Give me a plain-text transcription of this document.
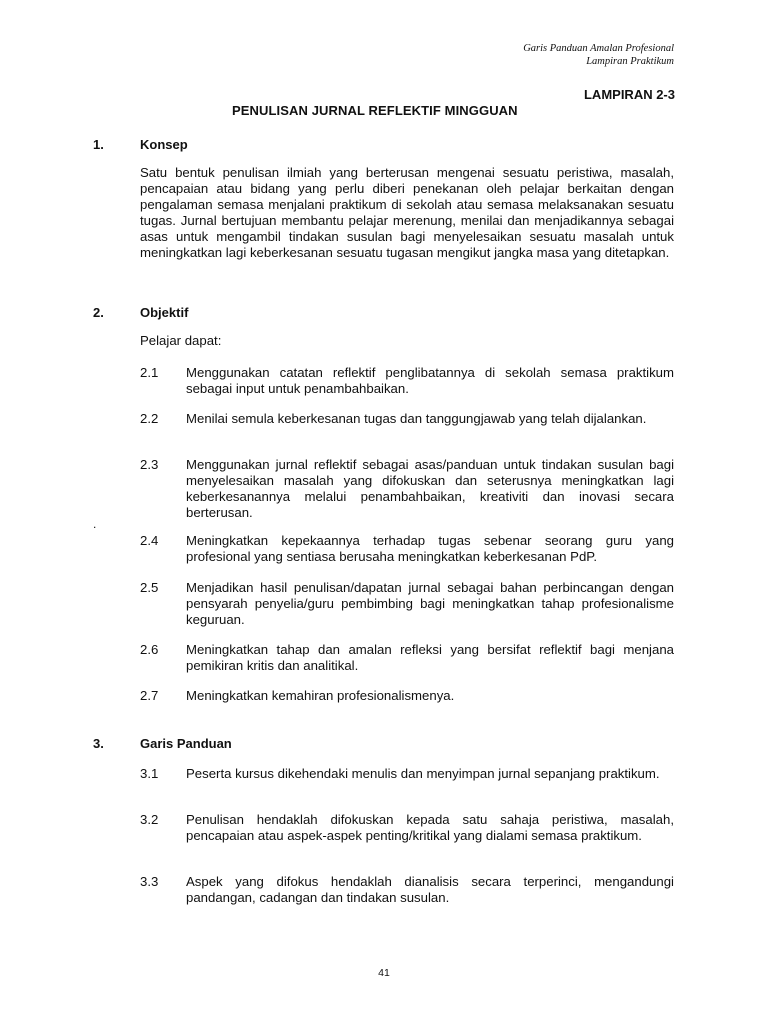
Garis Panduan Amalan Profesional
Lampiran Praktikum
LAMPIRAN 2-3
PENULISAN JURNAL REFLEKTIF MINGGUAN
1.	Konsep
Satu bentuk penulisan ilmiah yang berterusan mengenai sesuatu peristiwa, masalah, pencapaian atau bidang yang perlu diberi penekanan oleh pelajar berkaitan dengan pengalaman semasa menjalani praktikum di sekolah atau semasa melaksanakan sesuatu tugas. Jurnal bertujuan membantu pelajar merenung, menilai dan menjadikannya sebagai asas untuk mengambil tindakan susulan bagi menyelesaikan sesuatu masalah untuk meningkatkan lagi keberkesanan sesuatu tugasan mengikut jangka masa yang ditetapkan.
2.	Objektif
Pelajar dapat:
2.1 Menggunakan catatan reflektif penglibatannya di sekolah semasa praktikum sebagai input untuk penambahbaikan.
2.2 Menilai semula keberkesanan tugas dan tanggungjawab yang telah dijalankan.
2.3 Menggunakan jurnal reflektif sebagai asas/panduan untuk tindakan susulan bagi menyelesaikan masalah yang difokuskan dan seterusnya meningkatkan lagi keberkesanannya melalui penambahbaikan, kreativiti dan inovasi secara berterusan.
.
2.4 Meningkatkan kepekaannya terhadap tugas sebenar seorang guru yang profesional yang sentiasa berusaha meningkatkan keberkesanan PdP.
2.5 Menjadikan hasil penulisan/dapatan jurnal sebagai bahan perbincangan dengan pensyarah penyelia/guru pembimbing bagi meningkatkan tahap profesionalisme keguruan.
2.6 Meningkatkan tahap dan amalan refleksi yang bersifat reflektif bagi menjana pemikiran kritis dan analitikal.
2.7 Meningkatkan kemahiran profesionalismenya.
3.	Garis Panduan
3.1 Peserta kursus dikehendaki menulis dan menyimpan jurnal sepanjang praktikum.
3.2 Penulisan hendaklah difokuskan kepada satu sahaja peristiwa, masalah, pencapaian atau aspek-aspek penting/kritikal yang dialami semasa praktikum.
3.3 Aspek yang difokus hendaklah dianalisis secara terperinci, mengandungi pandangan, cadangan dan tindakan susulan.
41
